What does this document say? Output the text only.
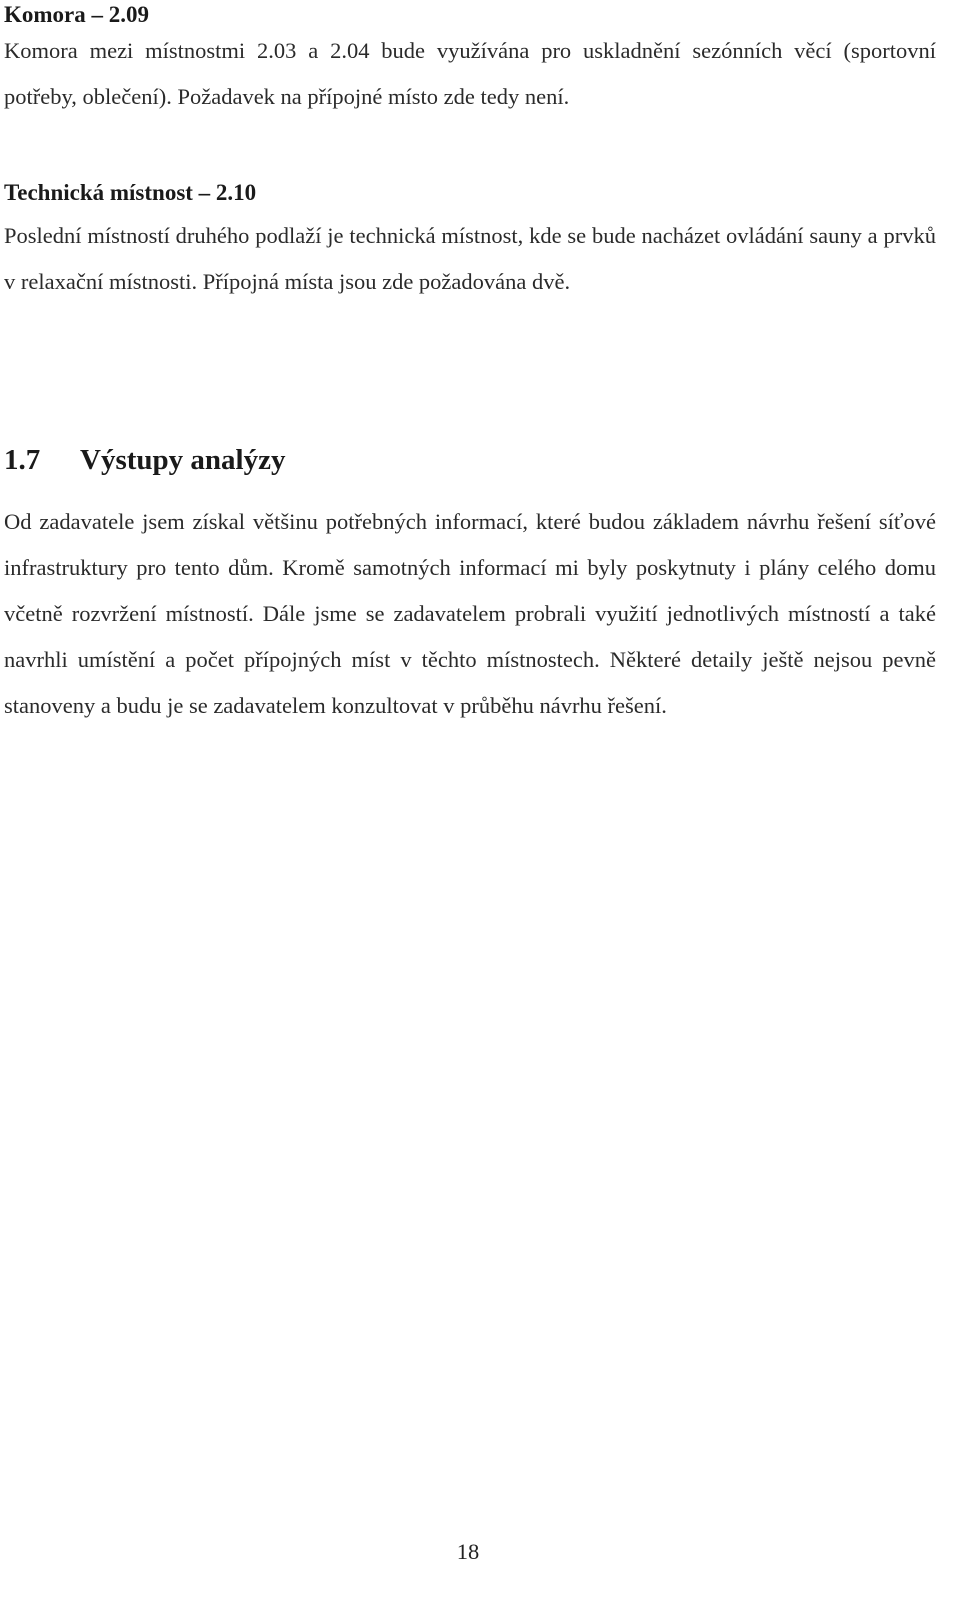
Komora – 2.09

Komora mezi místnostmi 2.03 a 2.04 bude využívána pro uskladnění sezónních věcí (sportovní potřeby, oblečení). Požadavek na přípojné místo zde tedy není.

Technická místnost – 2.10

Poslední místností druhého podlaží je technická místnost, kde se bude nacházet ovládání sauny a prvků v relaxační místnosti. Přípojná místa jsou zde požadována dvě.

1.7 Výstupy analýzy

Od zadavatele jsem získal většinu potřebných informací, které budou základem návrhu řešení síťové infrastruktury pro tento dům. Kromě samotných informací mi byly poskytnuty i plány celého domu včetně rozvržení místností. Dále jsme se zadavatelem probrali využití jednotlivých místností a také navrhli umístění a počet přípojných míst v těchto místnostech. Některé detaily ještě nejsou pevně stanoveny a budu je se zadavatelem konzultovat v průběhu návrhu řešení.

18
